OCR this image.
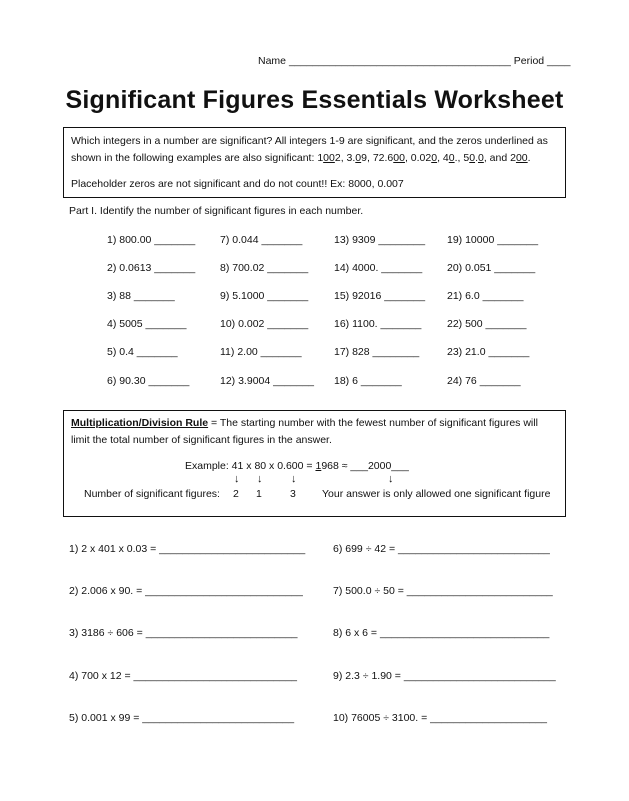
Name ______________________________________ Period ____
Significant Figures Essentials Worksheet
Which integers in a number are significant? All integers 1-9 are significant, and the zeros underlined as
shown in the following examples are also significant: 1002, 3.09, 72.600, 0.020, 40., 50.0, and 200.
Placeholder zeros are not significant and do not count!! Ex: 8000, 0.007
Part I. Identify the number of significant figures in each number.
1) 800.00 _______
2) 0.0613 _______
3) 88 _______
4) 5005 _______
5) 0.4 _______
6) 90.30 _______
7) 0.044 _______
8) 700.02 _______
9) 5.1000 _______
10) 0.002 _______
11) 2.00 _______
12) 3.9004 _______
13) 9309 ________
14) 4000. _______
15) 92016 _______
16) 1100. _______
17) 828 ________
18) 6 _______
19) 10000 _______
20) 0.051 _______
21) 6.0 _______
22) 500 _______
23) 21.0 _______
24) 76 _______
Multiplication/Division Rule = The starting number with the fewest number of significant figures will
limit the total number of significant figures in the answer.
Example: 41 x 80 x 0.600 = 1968 ≈ ___2000___
↓ ↓	↓	↓
Number of significant figures: 2 1	3 Your answer is only allowed one significant figure
1) 2 x 401 x 0.03 = _________________________
2) 2.006 x 90. = ___________________________
3) 3186 ÷ 606 = __________________________
4) 700 x 12 = ____________________________
5) 0.001 x 99 = __________________________
6) 699 ÷ 42 = __________________________
7) 500.0 ÷ 50 = _________________________
8) 6 x 6 = _____________________________
9) 2.3 ÷ 1.90 = __________________________
10) 76005 ÷ 3100. = ____________________
